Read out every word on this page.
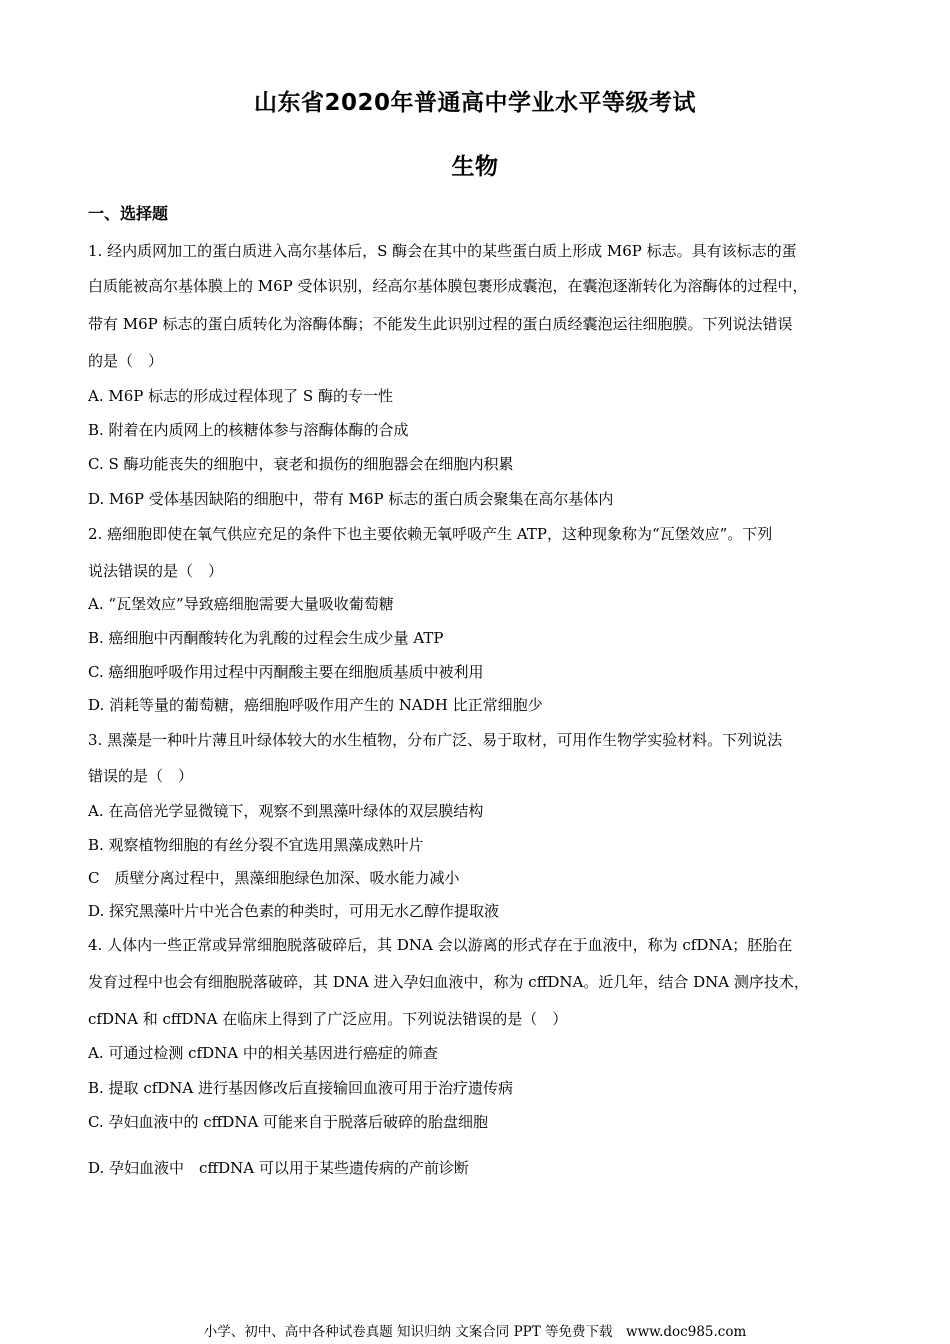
山东省2020年普通高中学业水平等级考试
生物
一、选择题
1. 经内质网加工的蛋白质进入高尔基体后，S 酶会在其中的某些蛋白质上形成 M6P 标志。具有该标志的蛋
白质能被高尔基体膜上的 M6P 受体识别，经高尔基体膜包裹形成囊泡，在囊泡逐渐转化为溶酶体的过程中，
带有 M6P 标志的蛋白质转化为溶酶体酶；不能发生此识别过程的蛋白质经囊泡运往细胞膜。下列说法错误
的是（　）
A. M6P 标志的形成过程体现了 S 酶的专一性
B. 附着在内质网上的核糖体参与溶酶体酶的合成
C. S 酶功能丧失的细胞中，衰老和损伤的细胞器会在细胞内积累
D. M6P 受体基因缺陷的细胞中，带有 M6P 标志的蛋白质会聚集在高尔基体内
2. 癌细胞即使在氧气供应充足的条件下也主要依赖无氧呼吸产生 ATP，这种现象称为“瓦堡效应”。下列
说法错误的是（　）
A. “瓦堡效应”导致癌细胞需要大量吸收葡萄糖
B. 癌细胞中丙酮酸转化为乳酸的过程会生成少量 ATP
C. 癌细胞呼吸作用过程中丙酮酸主要在细胞质基质中被利用
D. 消耗等量的葡萄糖，癌细胞呼吸作用产生的 NADH 比正常细胞少
3. 黑藻是一种叶片薄且叶绿体较大的水生植物，分布广泛、易于取材，可用作生物学实验材料。下列说法
错误的是（　）
A. 在高倍光学显微镜下，观察不到黑藻叶绿体的双层膜结构
B. 观察植物细胞的有丝分裂不宜选用黑藻成熟叶片
C　质壁分离过程中，黑藻细胞绿色加深、吸水能力减小
D. 探究黑藻叶片中光合色素的种类时，可用无水乙醇作提取液
4. 人体内一些正常或异常细胞脱落破碎后，其 DNA 会以游离的形式存在于血液中，称为 cfDNA；胚胎在
发育过程中也会有细胞脱落破碎，其 DNA 进入孕妇血液中，称为 cffDNA。近几年，结合 DNA 测序技术，
cfDNA 和 cffDNA 在临床上得到了广泛应用。下列说法错误的是（　）
A. 可通过检测 cfDNA 中的相关基因进行癌症的筛查
B. 提取 cfDNA 进行基因修改后直接输回血液可用于治疗遗传病
C. 孕妇血液中的 cffDNA 可能来自于脱落后破碎的胎盘细胞
D. 孕妇血液中　cffDNA 可以用于某些遗传病的产前诊断
小学、初中、高中各种试卷真题 知识归纳 文案合同 PPT 等免费下载　www.doc985.com
